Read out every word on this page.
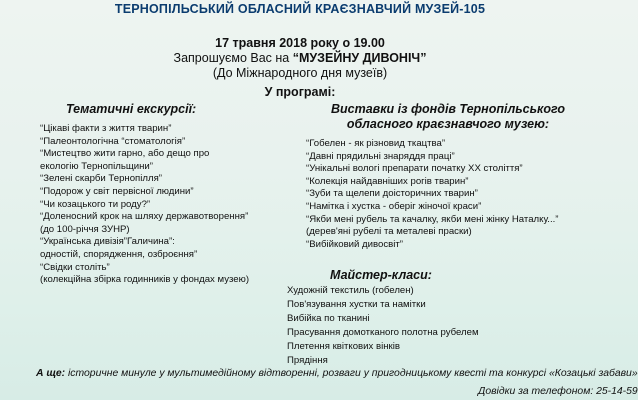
ТЕРНОПІЛЬСЬКИЙ ОБЛАСНИЙ КРАЄЗНАВЧИЙ МУЗЕЙ-105
17 травня 2018 року о 19.00
Запрошуємо Вас на “МУЗЕЙНУ ДИВОНІЧ”
(До Міжнародного дня музеїв)
У програмі:
Тематичні екскурсії:
“Цікаві факти з життя тварин”
“Палеонтологічна “стоматологія”
“Мистецтво жити гарно, або дещо про
екологію Тернопільщини”
“Зелені скарби Тернопілля”
“Подорож у світ первісної людини”
“Чи козацького ти роду?”
“Доленосний крок на шляху державотворення”
(до 100-річчя ЗУНР)
“Українська дивізія”Галичина”:
одностій, спорядження, озброєння”
“Свідки століть”
(колекційна збірка годинників у фондах музею)
Виставки із фондів Тернопільського
обласного краєзнавчого музею:
“Гобелен - як різновид ткацтва”
“Давні прядильні знаряддя праці”
“Унікальні вологі препарати початку XX століття”
“Колекція найдавніших рогів тварин”
“Зуби та щелепи доісторичних тварин”
“Намітка і хустка - оберіг жіночої краси”
“Якби мені рубель та качалку, якби мені жінку Наталку...”
(дерев'яні рубелі та металеві праски)
“Вибійковий дивосвіт”
Майстер-класи:
Художній текстиль (гобелен)
Пов'язування хустки та намітки
Вибійка по тканині
Прасування домотканого полотна рубелем
Плетення квіткових вінків
Прядіння
А ще: історичне минуле у мультимедійному відтворенні, розваги у пригодницькому квесті та конкурсі «Козацькі забави»
Довідки за телефоном: 25-14-59
